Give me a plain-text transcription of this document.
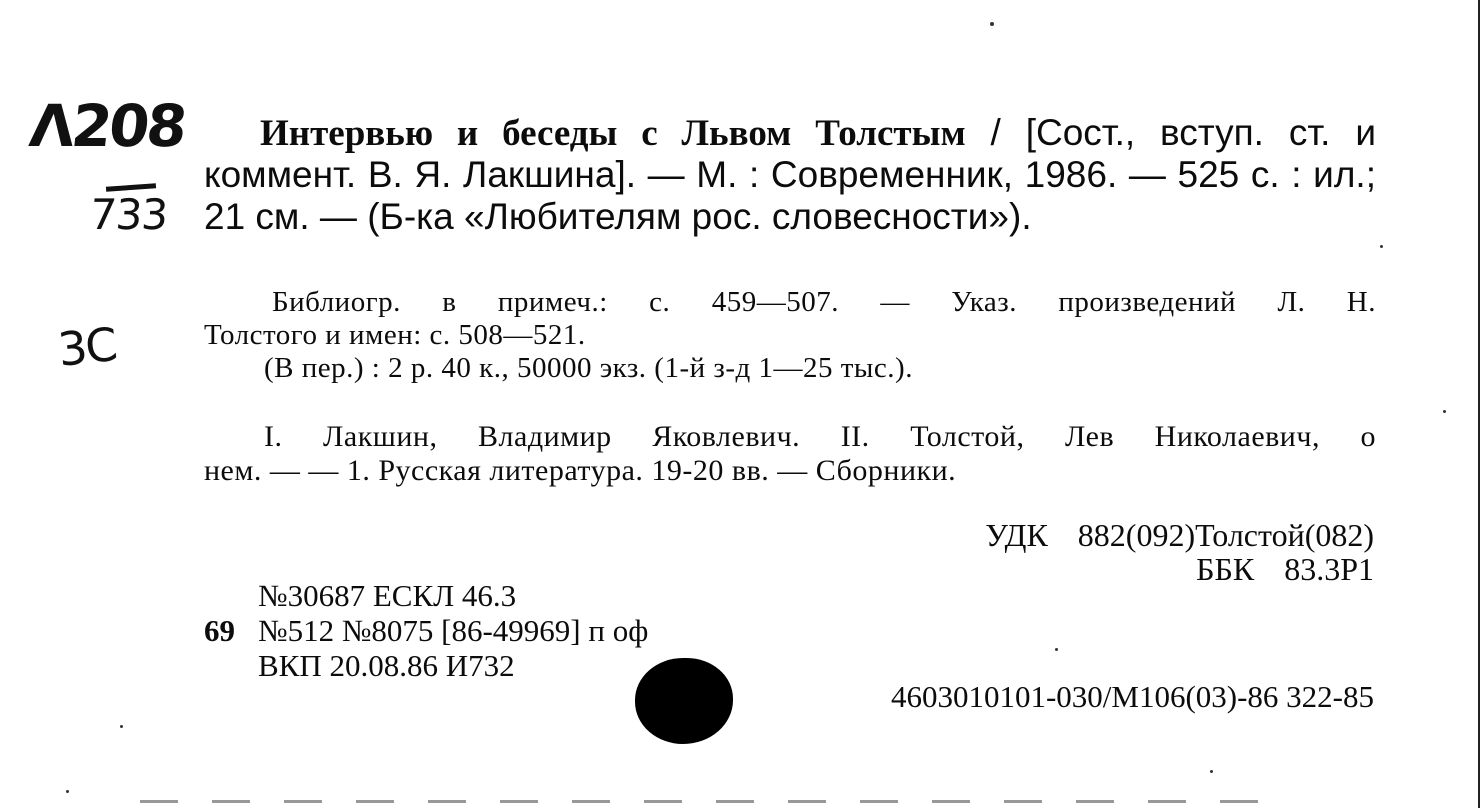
Λ208
733
3С
Интервью и беседы с Львом Толстым / [Сост., вступ. ст. и коммент. В. Я. Лакшина]. — М. : Современник, 1986. — 525 с. : ил.; 21 см. — (Б-ка «Любителям рос. словесности»).
Библиогр. в примеч.: с. 459—507. — Указ. произведений Л. Н.
Толстого и имен: с. 508—521.
(В пер.) : 2 р. 40 к., 50000 экз. (1-й з-д 1—25 тыс.).
I. Лакшин, Владимир Яковлевич. II. Толстой, Лев Николаевич, о
нем. — — 1. Русская литература. 19-20 вв. — Сборники.
УДК 882(092)Толстой(082)
ББК 83.3Р1
№30687 ЕСКЛ 46.3
69 №512 №8075 [86-49969] п оф
ВКП 20.08.86 И732
4603010101-030/М106(03)-86 322-85
